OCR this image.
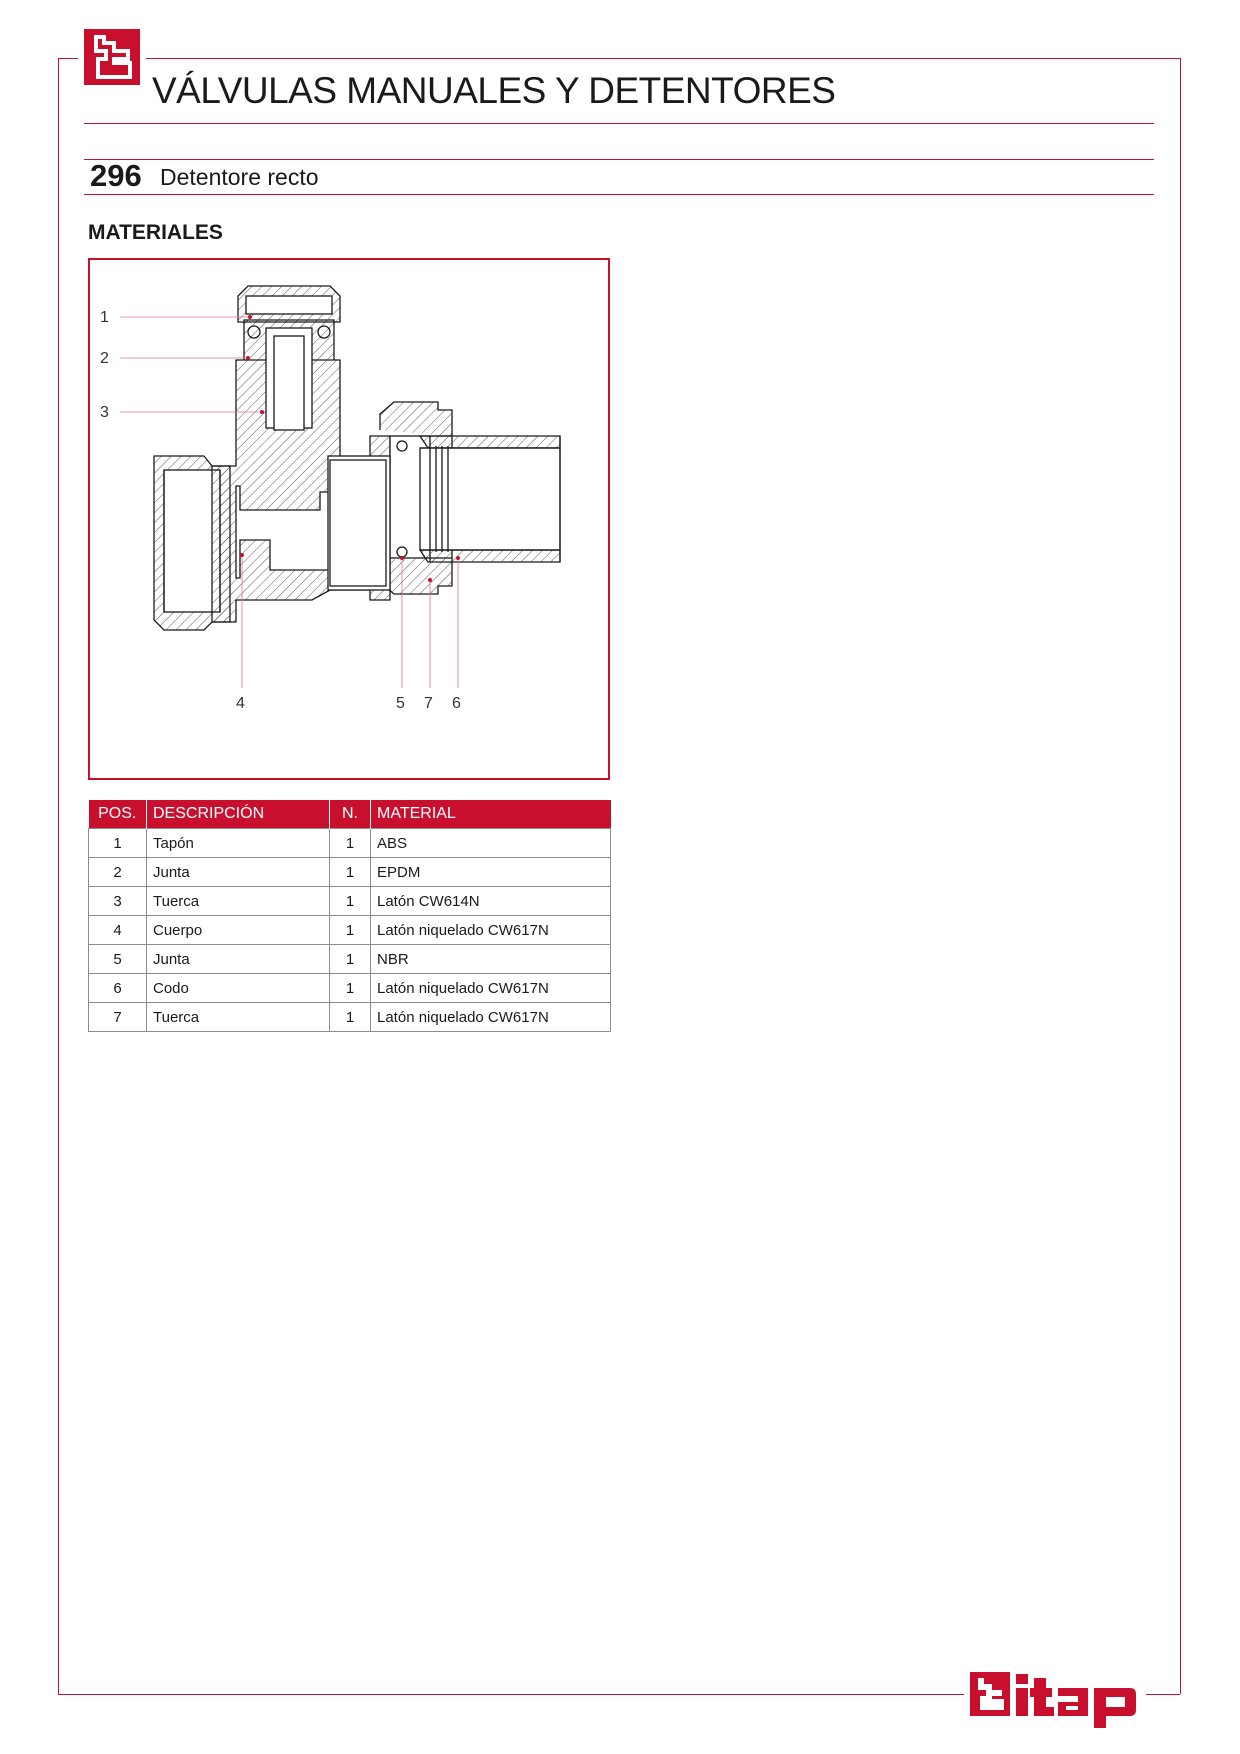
VÁLVULAS MANUALES Y DETENTORES
296 Detentore recto
MATERIALES
1
2
3
4	5 7 6
POS.	DESCRIPCIÓN	N.	MATERIAL
1	Tapón	1	ABS
2	Junta	1	EPDM
3	Tuerca	1	Latón CW614N
4	Cuerpo	1	Latón niquelado CW617N
5	Junta	1	NBR
6	Codo	1	Latón niquelado CW617N
7	Tuerca	1	Latón niquelado CW617N
